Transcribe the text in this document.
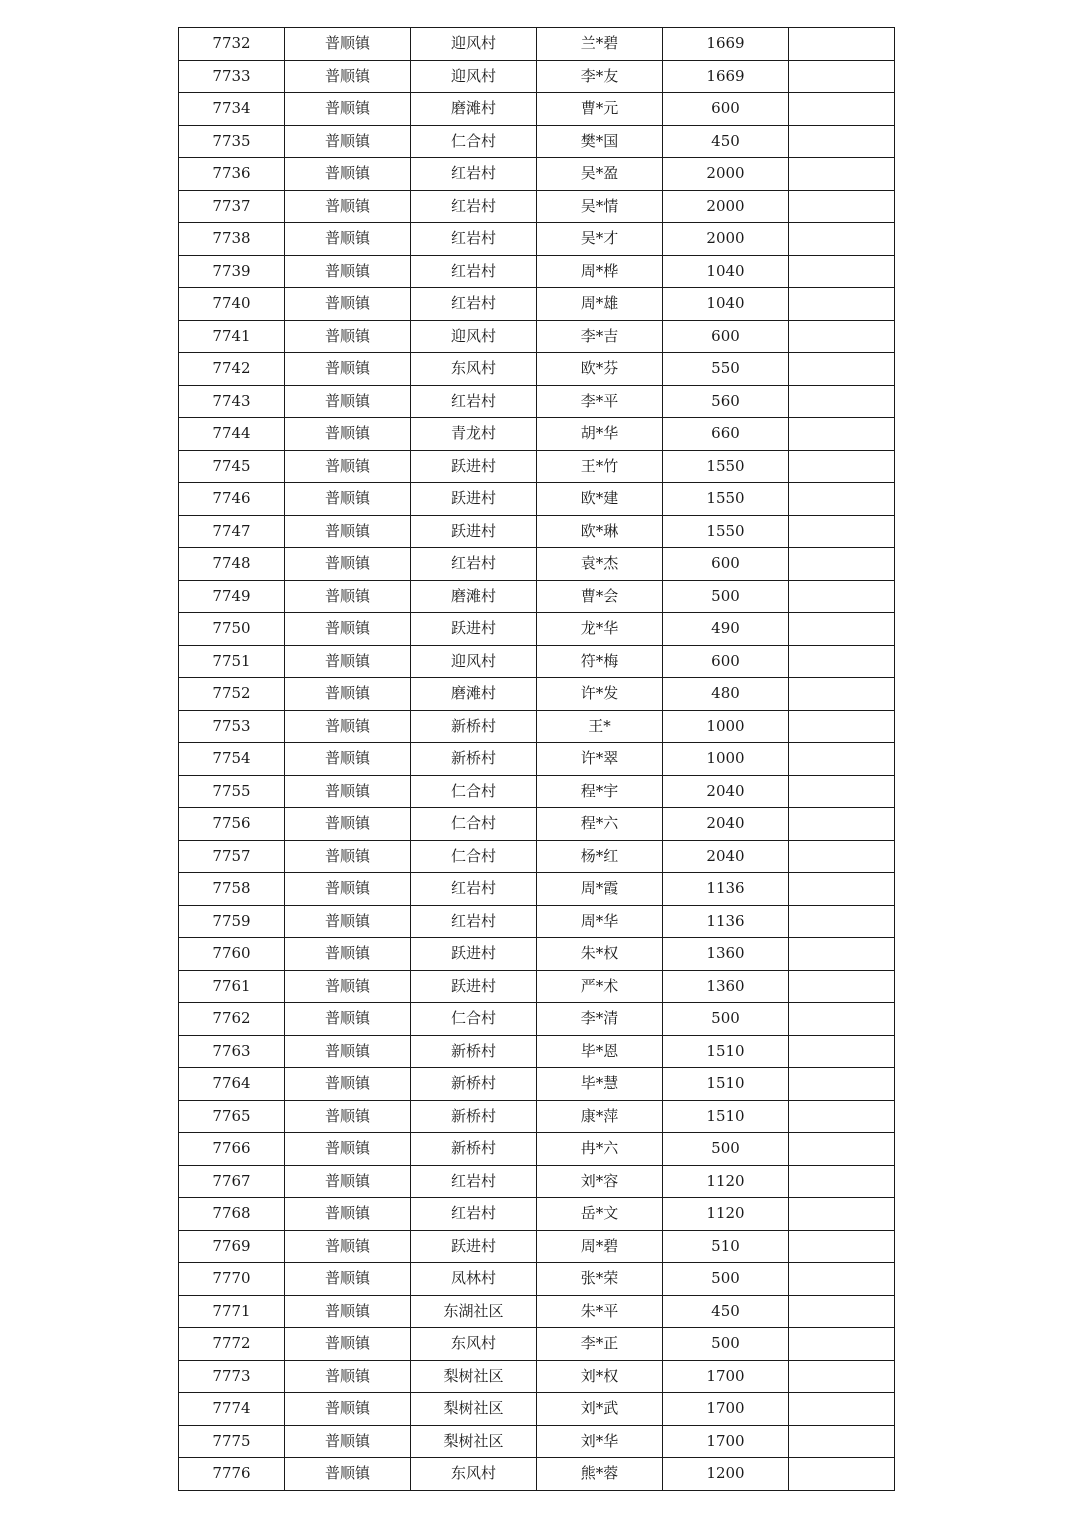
7732	普顺镇	迎风村	兰*碧	1669	
7733	普顺镇	迎风村	李*友	1669	
7734	普顺镇	磨滩村	曹*元	600	
7735	普顺镇	仁合村	樊*国	450	
7736	普顺镇	红岩村	吴*盈	2000	
7737	普顺镇	红岩村	吴*情	2000	
7738	普顺镇	红岩村	吴*才	2000	
7739	普顺镇	红岩村	周*桦	1040	
7740	普顺镇	红岩村	周*雄	1040	
7741	普顺镇	迎风村	李*吉	600	
7742	普顺镇	东风村	欧*芬	550	
7743	普顺镇	红岩村	李*平	560	
7744	普顺镇	青龙村	胡*华	660	
7745	普顺镇	跃进村	王*竹	1550	
7746	普顺镇	跃进村	欧*建	1550	
7747	普顺镇	跃进村	欧*琳	1550	
7748	普顺镇	红岩村	袁*杰	600	
7749	普顺镇	磨滩村	曹*会	500	
7750	普顺镇	跃进村	龙*华	490	
7751	普顺镇	迎风村	符*梅	600	
7752	普顺镇	磨滩村	许*发	480	
7753	普顺镇	新桥村	王*	1000	
7754	普顺镇	新桥村	许*翠	1000	
7755	普顺镇	仁合村	程*宇	2040	
7756	普顺镇	仁合村	程*六	2040	
7757	普顺镇	仁合村	杨*红	2040	
7758	普顺镇	红岩村	周*霞	1136	
7759	普顺镇	红岩村	周*华	1136	
7760	普顺镇	跃进村	朱*权	1360	
7761	普顺镇	跃进村	严*术	1360	
7762	普顺镇	仁合村	李*清	500	
7763	普顺镇	新桥村	毕*恩	1510	
7764	普顺镇	新桥村	毕*慧	1510	
7765	普顺镇	新桥村	康*萍	1510	
7766	普顺镇	新桥村	冉*六	500	
7767	普顺镇	红岩村	刘*容	1120	
7768	普顺镇	红岩村	岳*文	1120	
7769	普顺镇	跃进村	周*碧	510	
7770	普顺镇	凤林村	张*荣	500	
7771	普顺镇	东湖社区	朱*平	450	
7772	普顺镇	东风村	李*正	500	
7773	普顺镇	梨树社区	刘*权	1700	
7774	普顺镇	梨树社区	刘*武	1700	
7775	普顺镇	梨树社区	刘*华	1700	
7776	普顺镇	东风村	熊*蓉	1200	
